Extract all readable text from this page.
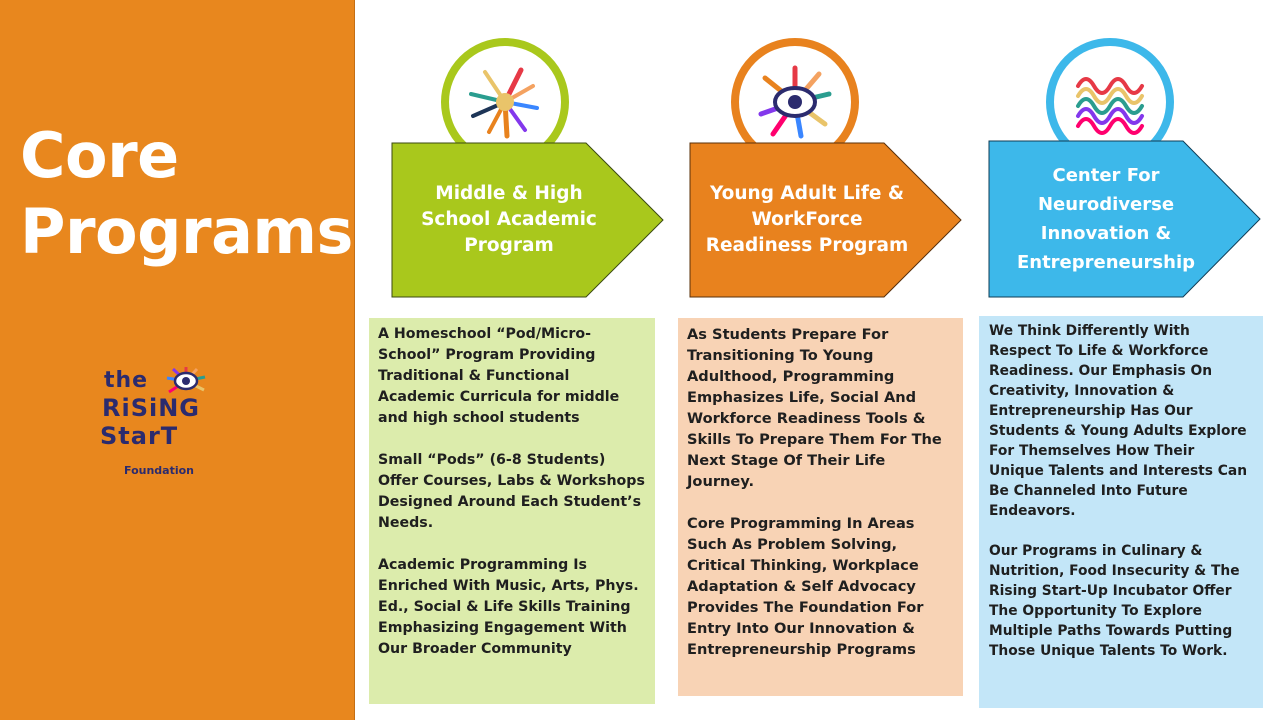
Core
Programs
the
RiSiNG
StarT
Foundation
Middle & High School Academic Program

A Homeschool “Pod/Micro-School” Program Providing Traditional & Functional Academic Curricula for middle and high school students

Small “Pods” (6-8 Students) Offer Courses, Labs & Workshops Designed Around Each Student’s Needs.

Academic Programming Is Enriched With Music, Arts, Phys. Ed., Social & Life Skills Training Emphasizing Engagement With Our Broader Community

Young Adult Life & WorkForce Readiness Program

As Students Prepare For Transitioning To Young Adulthood, Programming Emphasizes Life, Social And Workforce Readiness Tools & Skills To Prepare Them For The Next Stage Of Their Life Journey.

Core Programming In Areas Such As Problem Solving, Critical Thinking, Workplace Adaptation & Self Advocacy Provides The Foundation For Entry Into Our Innovation & Entrepreneurship Programs

Center For Neurodiverse Innovation & Entrepreneurship

We Think Differently With Respect To Life & Workforce Readiness. Our Emphasis On Creativity, Innovation & Entrepreneurship Has Our Students & Young Adults Explore For Themselves How Their Unique Talents and Interests Can Be Channeled Into Future Endeavors.

Our Programs in Culinary & Nutrition, Food Insecurity & The Rising Start-Up Incubator Offer The Opportunity To Explore Multiple Paths Towards Putting Those Unique Talents To Work.
